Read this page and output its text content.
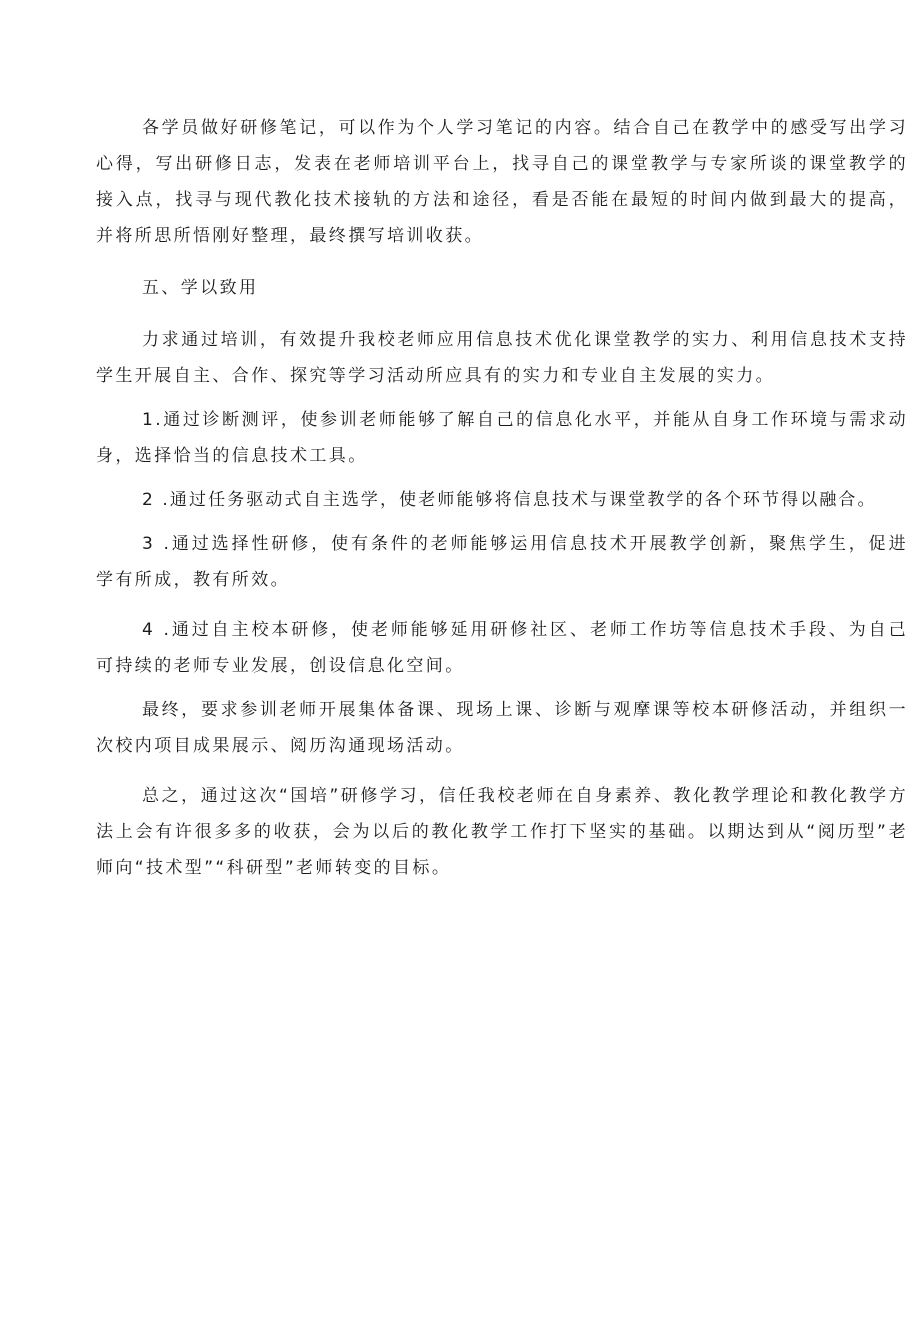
各学员做好研修笔记，可以作为个人学习笔记的内容。结合自己在教学中的感受写出学习心得，写出研修日志，发表在老师培训平台上，找寻自己的课堂教学与专家所谈的课堂教学的接入点，找寻与现代教化技术接轨的方法和途径，看是否能在最短的时间内做到最大的提高，并将所思所悟刚好整理，最终撰写培训收获。

五、学以致用

力求通过培训，有效提升我校老师应用信息技术优化课堂教学的实力、利用信息技术支持学生开展自主、合作、探究等学习活动所应具有的实力和专业自主发展的实力。

1.通过诊断测评，使参训老师能够了解自己的信息化水平，并能从自身工作环境与需求动身，选择恰当的信息技术工具。

2 .通过任务驱动式自主选学，使老师能够将信息技术与课堂教学的各个环节得以融合。

3 .通过选择性研修，使有条件的老师能够运用信息技术开展教学创新，聚焦学生，促进学有所成，教有所效。

4 .通过自主校本研修，使老师能够延用研修社区、老师工作坊等信息技术手段、为自己可持续的老师专业发展，创设信息化空间。

最终，要求参训老师开展集体备课、现场上课、诊断与观摩课等校本研修活动，并组织一次校内项目成果展示、阅历沟通现场活动。

总之，通过这次“国培”研修学习，信任我校老师在自身素养、教化教学理论和教化教学方法上会有许很多多的收获，会为以后的教化教学工作打下坚实的基础。以期达到从“阅历型”老师向“技术型”“科研型”老师转变的目标。
